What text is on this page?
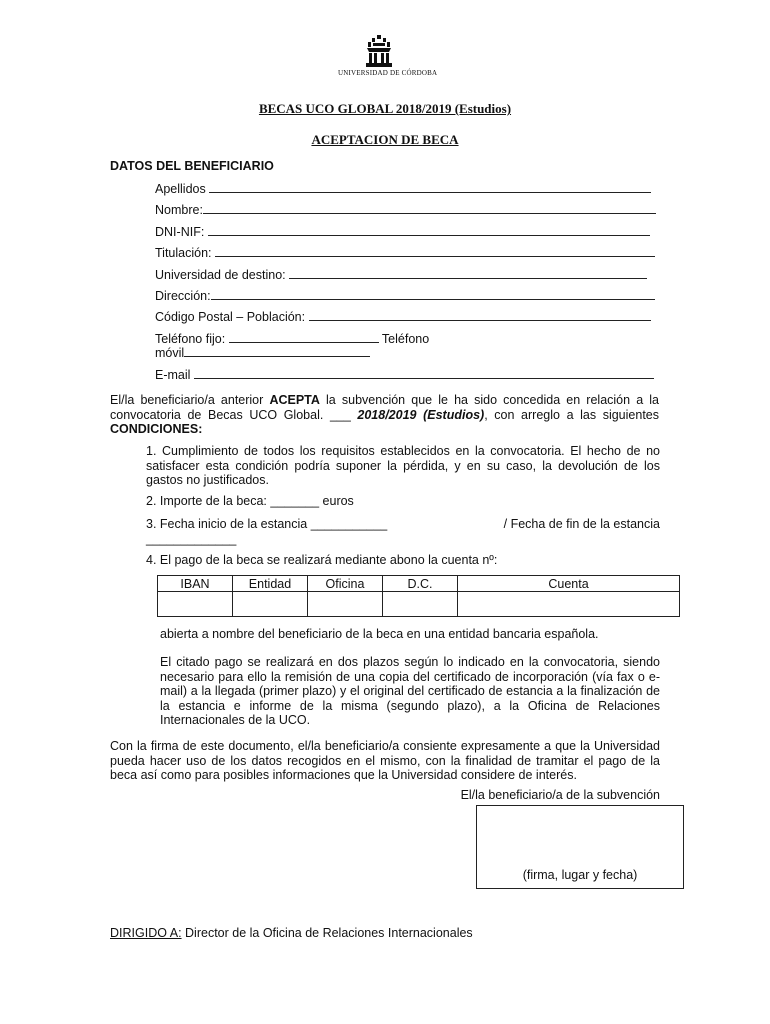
UNIVERSIDAD DE CÓRDOBA
BECAS UCO GLOBAL 2018/2019 (Estudios)
ACEPTACION DE BECA
DATOS DEL BENEFICIARIO
Apellidos
Nombre:
DNI-NIF:
Titulación:
Universidad de destino:
Dirección:
Código Postal – Población:
Teléfono fijo:	Teléfono
móvil
E-mail
El/la beneficiario/a anterior ACEPTA la subvención que le ha sido concedida en relación a la convocatoria de Becas UCO Global. ___ 2018/2019 (Estudios), con arreglo a las siguientes CONDICIONES:
1. Cumplimiento de todos los requisitos establecidos en la convocatoria. El hecho de no satisfacer esta condición podría suponer la pérdida, y en su caso, la devolución de los gastos no justificados.
2. Importe de la beca: _______ euros
3. Fecha inicio de la estancia ___________	/ Fecha de fin de la estancia
_____________
4. El pago de la beca se realizará mediante abono la cuenta nº:
IBAN	Entidad	Oficina	D.C.	Cuenta

abierta a nombre del beneficiario de la beca en una entidad bancaria española.
El citado pago se realizará en dos plazos según lo indicado en la convocatoria, siendo necesario para ello la remisión de una copia del certificado de incorporación (vía fax o e-mail) a la llegada (primer plazo) y el original del certificado de estancia a la finalización de la estancia e informe de la misma (segundo plazo), a la Oficina de Relaciones Internacionales de la UCO.
Con la firma de este documento, el/la beneficiario/a consiente expresamente a que la Universidad pueda hacer uso de los datos recogidos en el mismo, con la finalidad de tramitar el pago de la beca así como para posibles informaciones que la Universidad considere de interés.
El/la beneficiario/a de la subvención
(firma, lugar y fecha)
DIRIGIDO A: Director de la Oficina de Relaciones Internacionales
